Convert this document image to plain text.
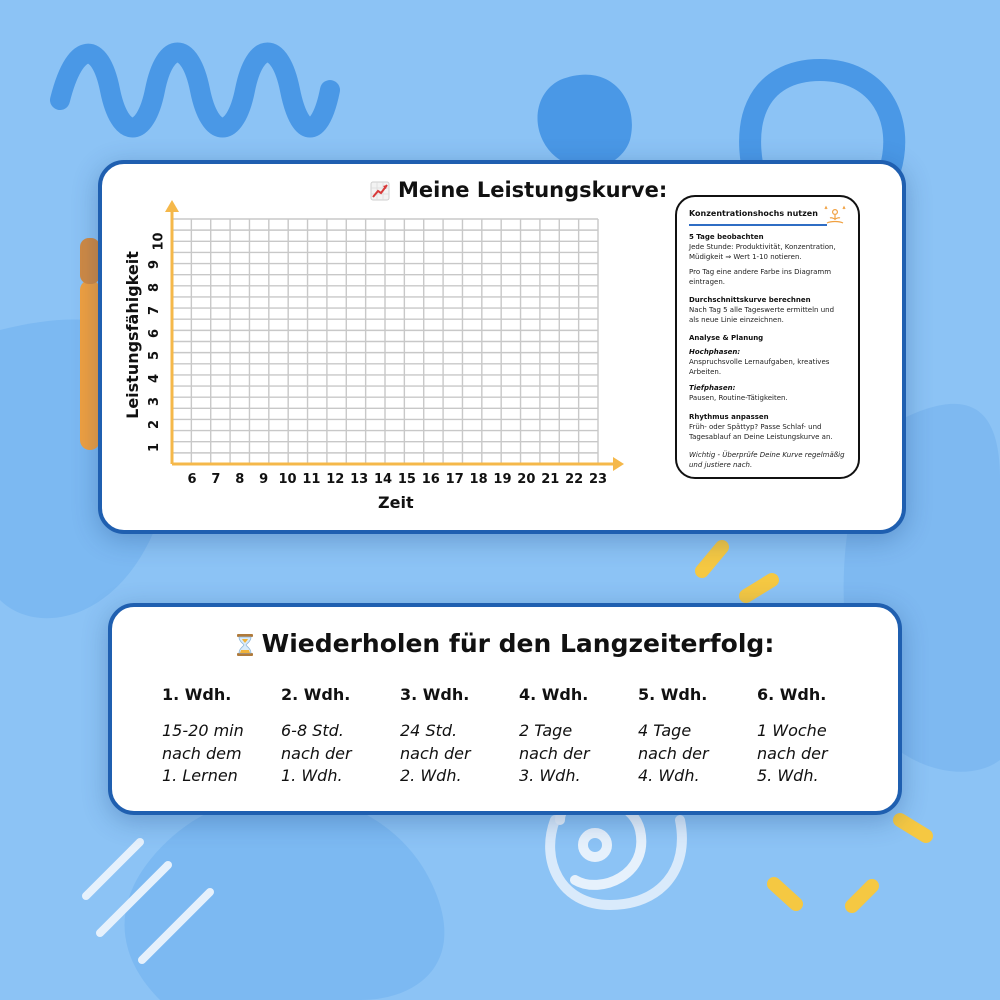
Meine Leistungskurve:
Leistungsfähigkeit
Zeit
Konzentrationshochs nutzen
5 Tage beobachten
Jede Stunde: Produktivität, Konzentration, Müdigkeit ⇒ Wert 1-10 notieren.
Pro Tag eine andere Farbe ins Diagramm eintragen.
Durchschnittskurve berechnen
Nach Tag 5 alle Tageswerte ermitteln und als neue Linie einzeichnen.
Analyse & Planung
Hochphasen:
Anspruchsvolle Lernaufgaben, kreatives Arbeiten.
Tiefphasen:
Pausen, Routine-Tätigkeiten.
Rhythmus anpassen
Früh- oder Spättyp? Passe Schlaf- und Tagesablauf an Deine Leistungskurve an.
Wichtig - Überprüfe Deine Kurve regelmäßig und justiere nach.
6 7 8 9 10 11 12 13 14 15 16 17 18 19 20 21 22 23
1
2
3
4
5
6
7
8
9
10
Wiederholen für den Langzeiterfolg:
1. Wdh.
15-20 min
nach dem
1. Lernen
2. Wdh.
6-8 Std.
nach der
1. Wdh.
3. Wdh.
24 Std.
nach der
2. Wdh.
4. Wdh.
2 Tage
nach der
3. Wdh.
5. Wdh.
4 Tage
nach der
4. Wdh.
6. Wdh.
1 Woche
nach der
5. Wdh.
